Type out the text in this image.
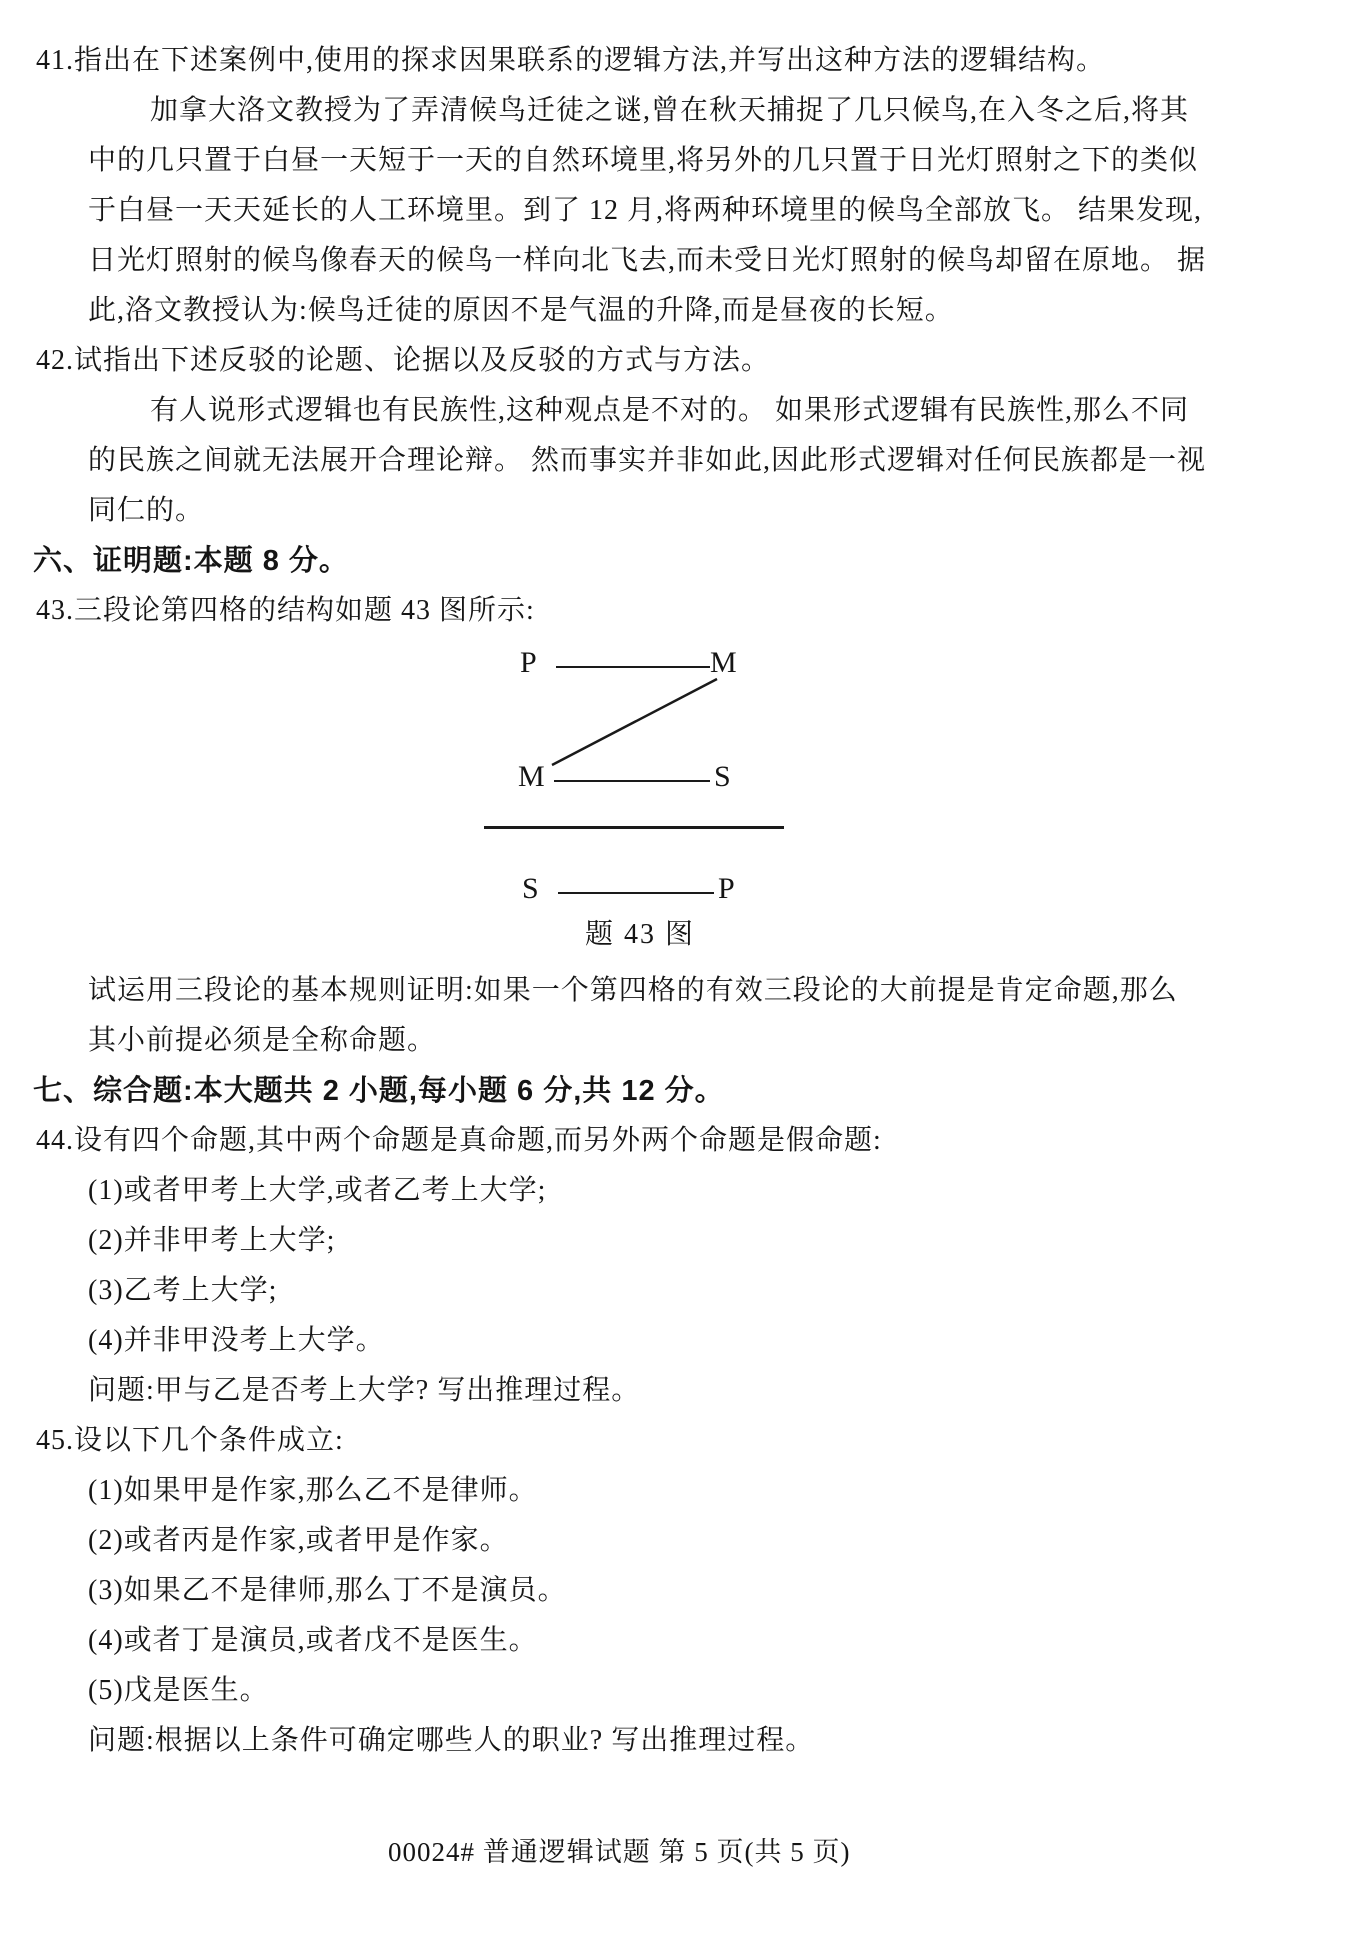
41.指出在下述案例中,使用的探求因果联系的逻辑方法,并写出这种方法的逻辑结构。
加拿大洛文教授为了弄清候鸟迁徒之谜,曾在秋天捕捉了几只候鸟,在入冬之后,将其
中的几只置于白昼一天短于一天的自然环境里,将另外的几只置于日光灯照射之下的类似
于白昼一天天延长的人工环境里。到了 12 月,将两种环境里的候鸟全部放飞。 结果发现,
日光灯照射的候鸟像春天的候鸟一样向北飞去,而未受日光灯照射的候鸟却留在原地。 据
此,洛文教授认为:候鸟迁徒的原因不是气温的升降,而是昼夜的长短。
42.试指出下述反驳的论题、论据以及反驳的方式与方法。
有人说形式逻辑也有民族性,这种观点是不对的。 如果形式逻辑有民族性,那么不同
的民族之间就无法展开合理论辩。 然而事实并非如此,因此形式逻辑对任何民族都是一视
同仁的。
六、证明题:本题 8 分。
43.三段论第四格的结构如题 43 图所示:
P	M
M	S
S	P
题 43 图
试运用三段论的基本规则证明:如果一个第四格的有效三段论的大前提是肯定命题,那么
其小前提必须是全称命题。
七、综合题:本大题共 2 小题,每小题 6 分,共 12 分。
44.设有四个命题,其中两个命题是真命题,而另外两个命题是假命题:
(1)或者甲考上大学,或者乙考上大学;
(2)并非甲考上大学;
(3)乙考上大学;
(4)并非甲没考上大学。
问题:甲与乙是否考上大学? 写出推理过程。
45.设以下几个条件成立:
(1)如果甲是作家,那么乙不是律师。
(2)或者丙是作家,或者甲是作家。
(3)如果乙不是律师,那么丁不是演员。
(4)或者丁是演员,或者戊不是医生。
(5)戊是医生。
问题:根据以上条件可确定哪些人的职业? 写出推理过程。
00024# 普通逻辑试题 第 5 页(共 5 页)
